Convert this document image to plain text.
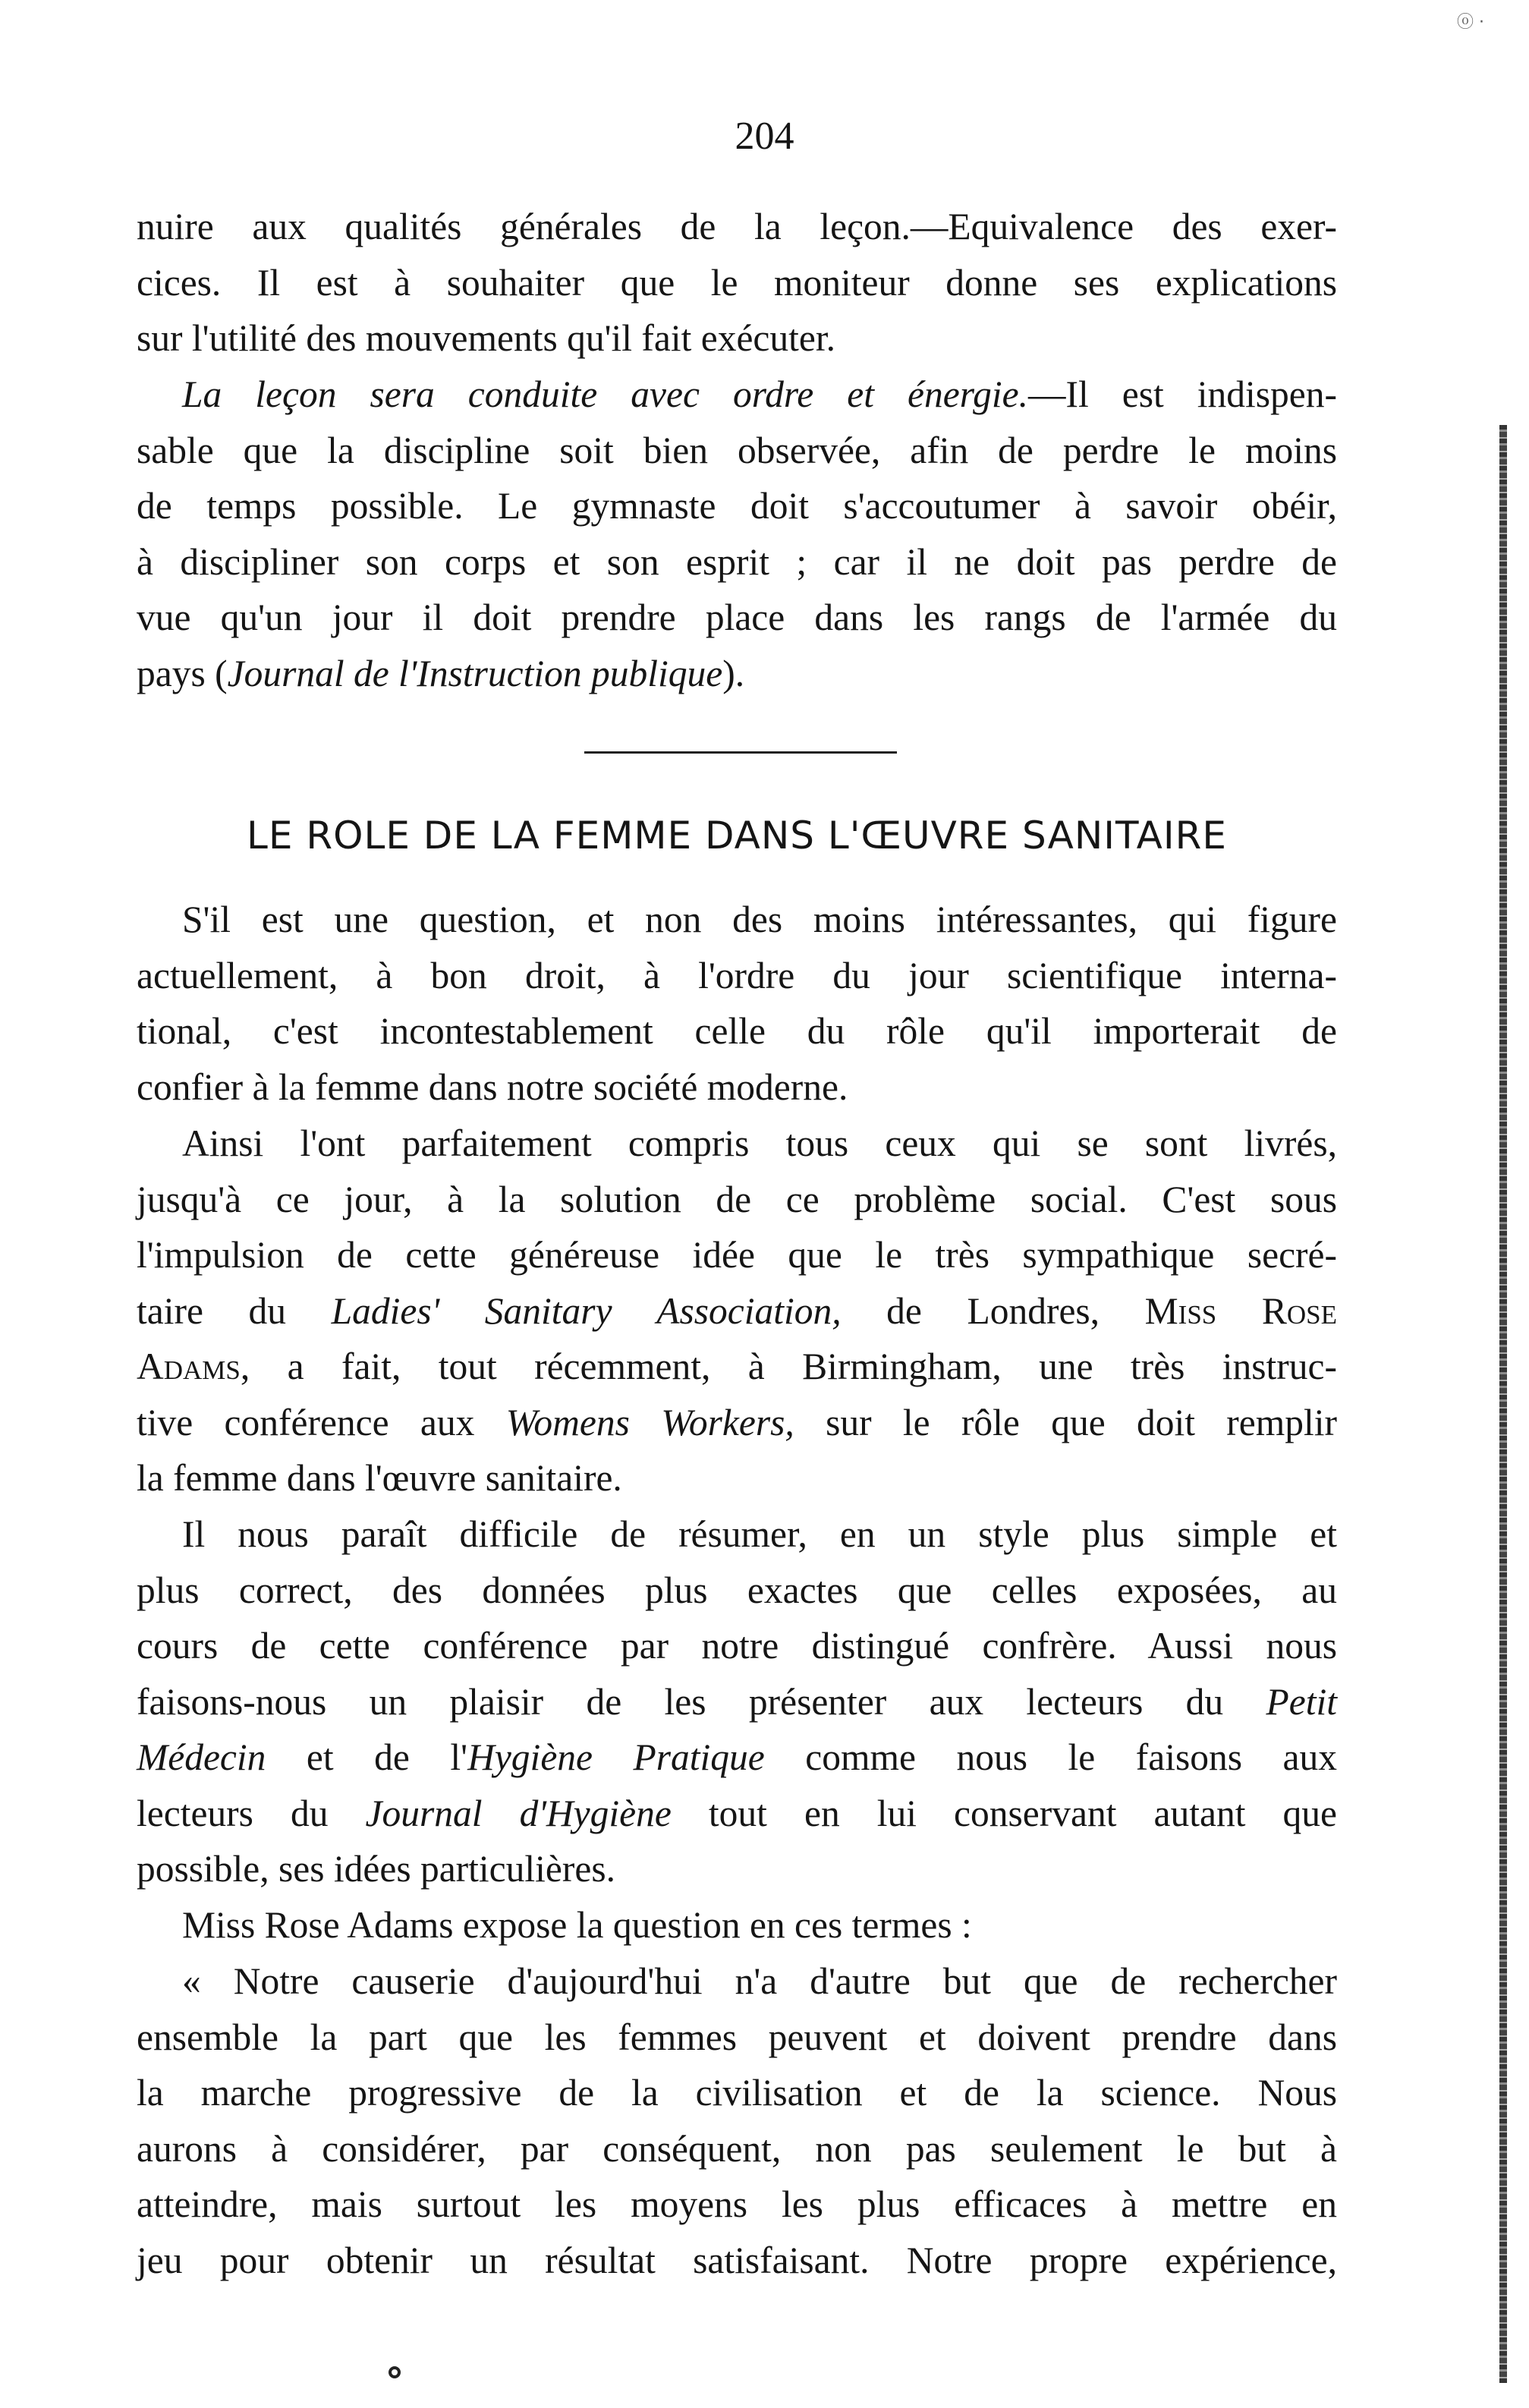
ⓞ ·
204
nuire aux qualités générales de la leçon.—Equivalence des exer-
cices. Il est à souhaiter que le moniteur donne ses explications
sur l'utilité des mouvements qu'il fait exécuter.
La leçon sera conduite avec ordre et énergie.—Il est indispen-
sable que la discipline soit bien observée, afin de perdre le moins
de temps possible. Le gymnaste doit s'accoutumer à savoir obéir,
à discipliner son corps et son esprit ; car il ne doit pas perdre de
vue qu'un jour il doit prendre place dans les rangs de l'armée du
pays (Journal de l'Instruction publique).
LE ROLE DE LA FEMME DANS L'ŒUVRE SANITAIRE
S'il est une question, et non des moins intéressantes, qui figure
actuellement, à bon droit, à l'ordre du jour scientifique interna-
tional, c'est incontestablement celle du rôle qu'il importerait de
confier à la femme dans notre société moderne.
Ainsi l'ont parfaitement compris tous ceux qui se sont livrés,
jusqu'à ce jour, à la solution de ce problème social. C'est sous
l'impulsion de cette généreuse idée que le très sympathique secré-
taire du Ladies' Sanitary Association, de Londres, Miss Rose
Adams, a fait, tout récemment, à Birmingham, une très instruc-
tive conférence aux Womens Workers, sur le rôle que doit remplir
la femme dans l'œuvre sanitaire.
Il nous paraît difficile de résumer, en un style plus simple et
plus correct, des données plus exactes que celles exposées, au
cours de cette conférence par notre distingué confrère. Aussi nous
faisons-nous un plaisir de les présenter aux lecteurs du Petit
Médecin et de l'Hygiène Pratique comme nous le faisons aux
lecteurs du Journal d'Hygiène tout en lui conservant autant que
possible, ses idées particulières.
Miss Rose Adams expose la question en ces termes :
« Notre causerie d'aujourd'hui n'a d'autre but que de rechercher
ensemble la part que les femmes peuvent et doivent prendre dans
la marche progressive de la civilisation et de la science. Nous
aurons à considérer, par conséquent, non pas seulement le but à
atteindre, mais surtout les moyens les plus efficaces à mettre en
jeu pour obtenir un résultat satisfaisant. Notre propre expérience,
